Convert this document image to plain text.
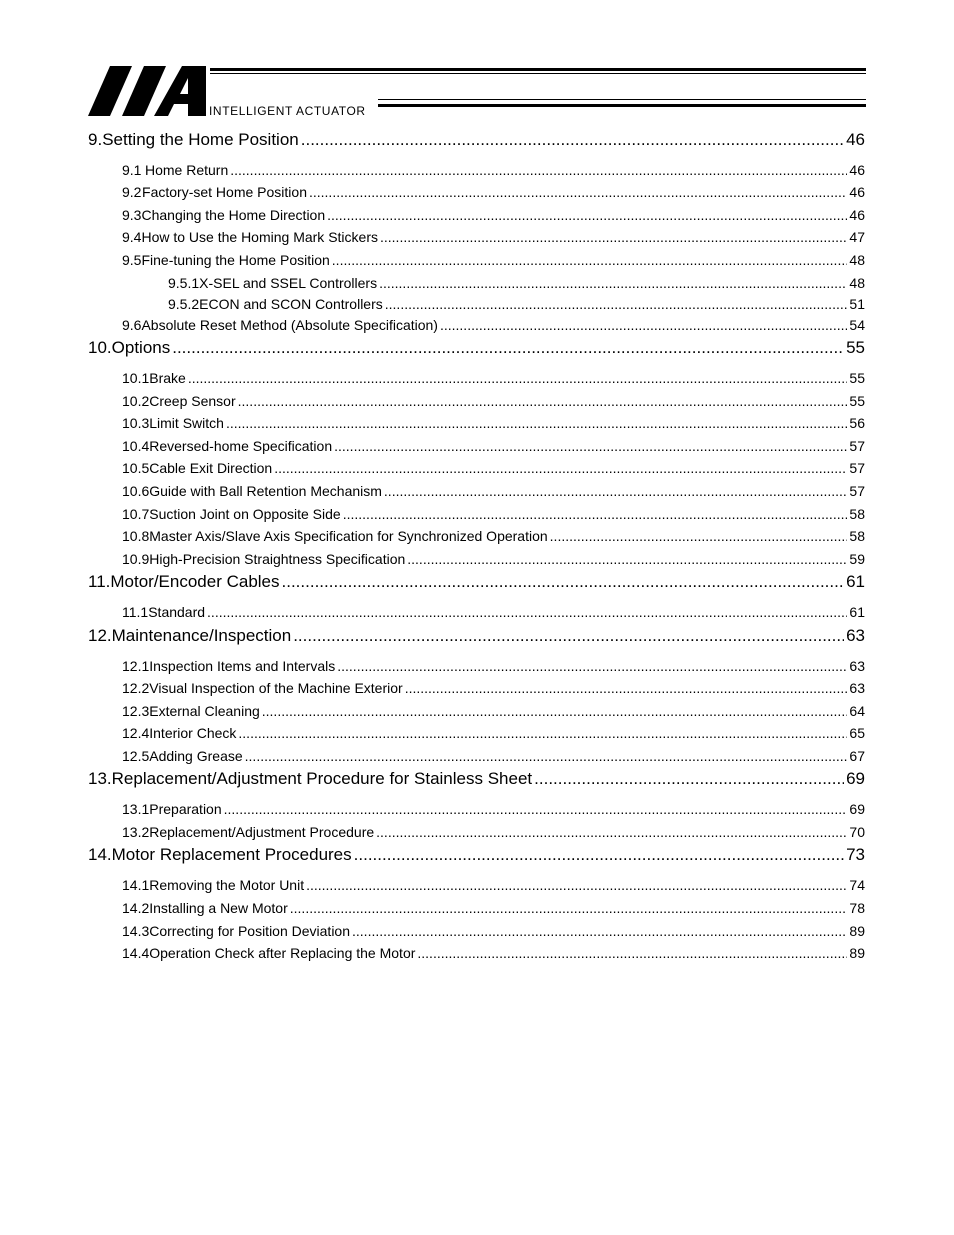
INTELLIGENT ACTUATOR
9. Setting the Home Position .....	46
9.1 Home Return .....	46
9.2 Factory-set Home Position .....	46
9.3 Changing the Home Direction .....	46
9.4 How to Use the Homing Mark Stickers .....	47
9.5 Fine-tuning the Home Position .....	48
9.5.1 X-SEL and SSEL Controllers .....	48
9.5.2 ECON and SCON Controllers .....	51
9.6 Absolute Reset Method (Absolute Specification) .....	54
10. Options .....	55
10.1 Brake .....	55
10.2 Creep Sensor .....	55
10.3 Limit Switch .....	56
10.4 Reversed-home Specification .....	57
10.5 Cable Exit Direction .....	57
10.6 Guide with Ball Retention Mechanism .....	57
10.7 Suction Joint on Opposite Side .....	58
10.8 Master Axis/Slave Axis Specification for Synchronized Operation .....	58
10.9 High-Precision Straightness Specification .....	59
11. Motor/Encoder Cables .....	61
11.1 Standard .....	61
12. Maintenance/Inspection .....	63
12.1 Inspection Items and Intervals .....	63
12.2 Visual Inspection of the Machine Exterior .....	63
12.3 External Cleaning .....	64
12.4 Interior Check .....	65
12.5 Adding Grease .....	67
13. Replacement/Adjustment Procedure for Stainless Sheet .....	69
13.1 Preparation .....	69
13.2 Replacement/Adjustment Procedure .....	70
14. Motor Replacement Procedures .....	73
14.1 Removing the Motor Unit .....	74
14.2 Installing a New Motor .....	78
14.3 Correcting for Position Deviation .....	89
14.4 Operation Check after Replacing the Motor .....	89
